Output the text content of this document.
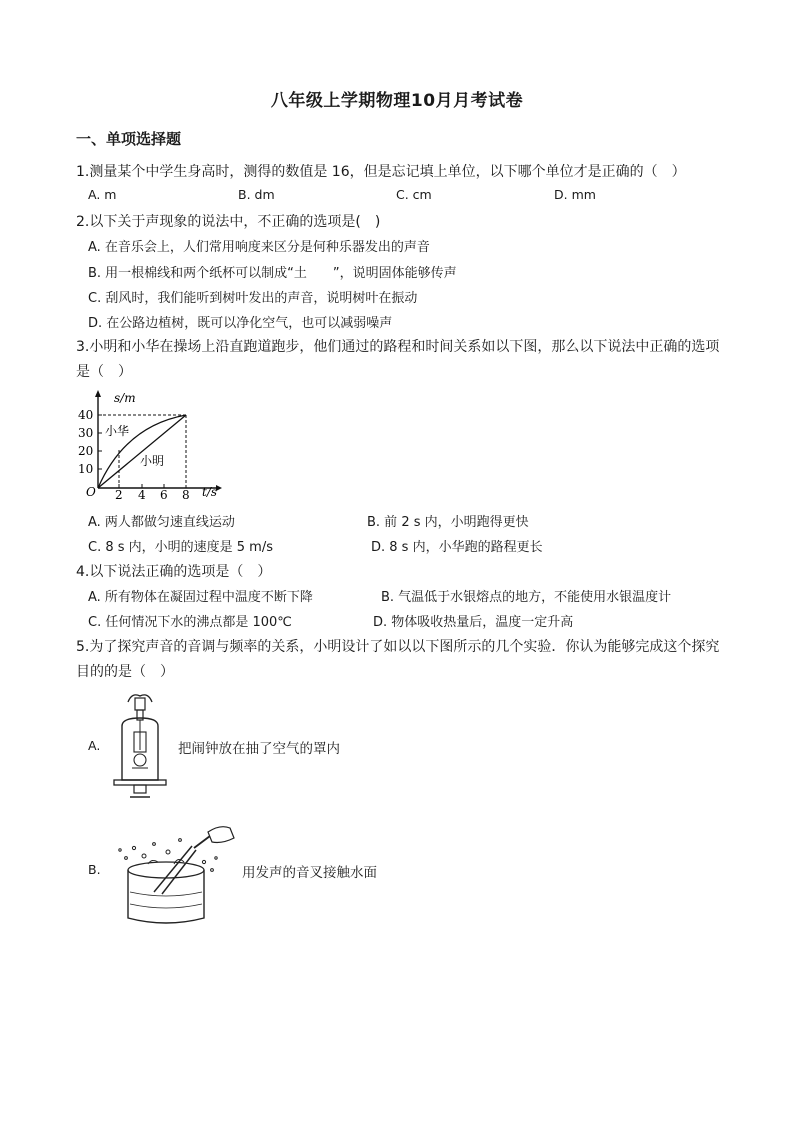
八年级上学期物理10月月考试卷
一、单项选择题
1.测量某个中学生身高时，测得的数值是 16，但是忘记填上单位，以下哪个单位才是正确的（　）
A. m	B. dm	C. cm	D. mm
2.以下关于声现象的说法中，不正确的选项是(　)
A. 在音乐会上，人们常用响度来区分是何种乐器发出的声音
B. 用一根棉线和两个纸杯可以制成“土　　”，说明固体能够传声
C. 刮风时，我们能听到树叶发出的声音，说明树叶在振动
D. 在公路边植树，既可以净化空气，也可以减弱噪声
3.小明和小华在操场上沿直跑道跑步，他们通过的路程和时间关系如以下图，那么以下说法中正确的选项
是（　）
s/m
t/s
O
40
30
20
10
2 4 6 8
小华
小明
A. 两人都做匀速直线运动	B. 前 2 s 内，小明跑得更快
C. 8 s 内，小明的速度是 5 m/s	D. 8 s 内，小华跑的路程更长
4.以下说法正确的选项是（　）
A. 所有物体在凝固过程中温度不断下降	B. 气温低于水银熔点的地方，不能使用水银温度计
C. 任何情况下水的沸点都是 100℃	D. 物体吸收热量后，温度一定升高
5.为了探究声音的音调与频率的关系，小明设计了如以以下图所示的几个实验．你认为能够完成这个探究
目的的是（　）
A.	把闹钟放在抽了空气的罩内
B.	用发声的音叉接触水面
